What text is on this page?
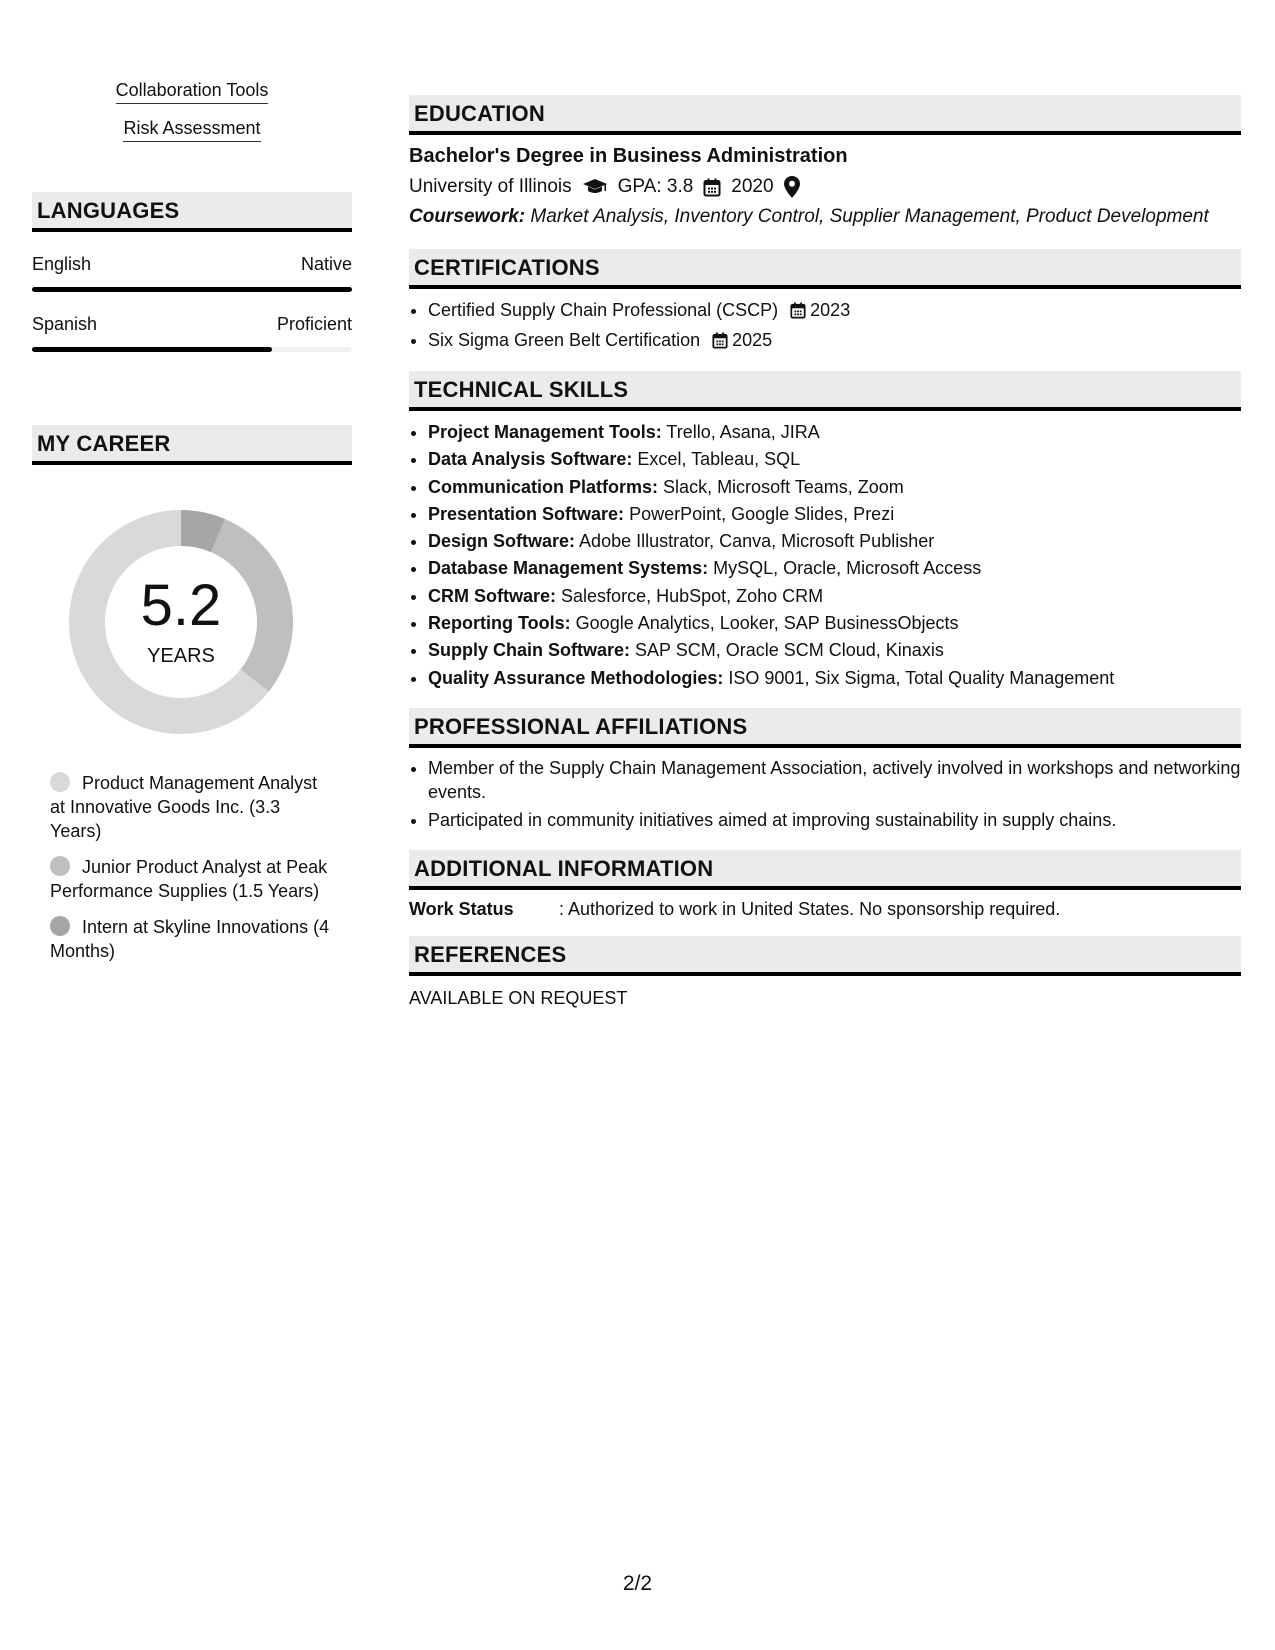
Collaboration Tools
Risk Assessment
LANGUAGES
English	Native
Spanish	Proficient
MY CAREER
5.2
YEARS
Product Management Analyst at Innovative Goods Inc. (3.3 Years)
Junior Product Analyst at Peak Performance Supplies (1.5 Years)
Intern at Skyline Innovations (4 Months)
EDUCATION
Bachelor's Degree in Business Administration
University of Illinois GPA: 3.8 2020
Coursework: Market Analysis, Inventory Control, Supplier Management, Product Development
CERTIFICATIONS
• Certified Supply Chain Professional (CSCP) 2023
• Six Sigma Green Belt Certification 2025
TECHNICAL SKILLS
• Project Management Tools: Trello, Asana, JIRA
• Data Analysis Software: Excel, Tableau, SQL
• Communication Platforms: Slack, Microsoft Teams, Zoom
• Presentation Software: PowerPoint, Google Slides, Prezi
• Design Software: Adobe Illustrator, Canva, Microsoft Publisher
• Database Management Systems: MySQL, Oracle, Microsoft Access
• CRM Software: Salesforce, HubSpot, Zoho CRM
• Reporting Tools: Google Analytics, Looker, SAP BusinessObjects
• Supply Chain Software: SAP SCM, Oracle SCM Cloud, Kinaxis
• Quality Assurance Methodologies: ISO 9001, Six Sigma, Total Quality Management
PROFESSIONAL AFFILIATIONS
• Member of the Supply Chain Management Association, actively involved in workshops and networking events.
• Participated in community initiatives aimed at improving sustainability in supply chains.
ADDITIONAL INFORMATION
Work Status	: Authorized to work in United States. No sponsorship required.
REFERENCES
AVAILABLE ON REQUEST
2/2
